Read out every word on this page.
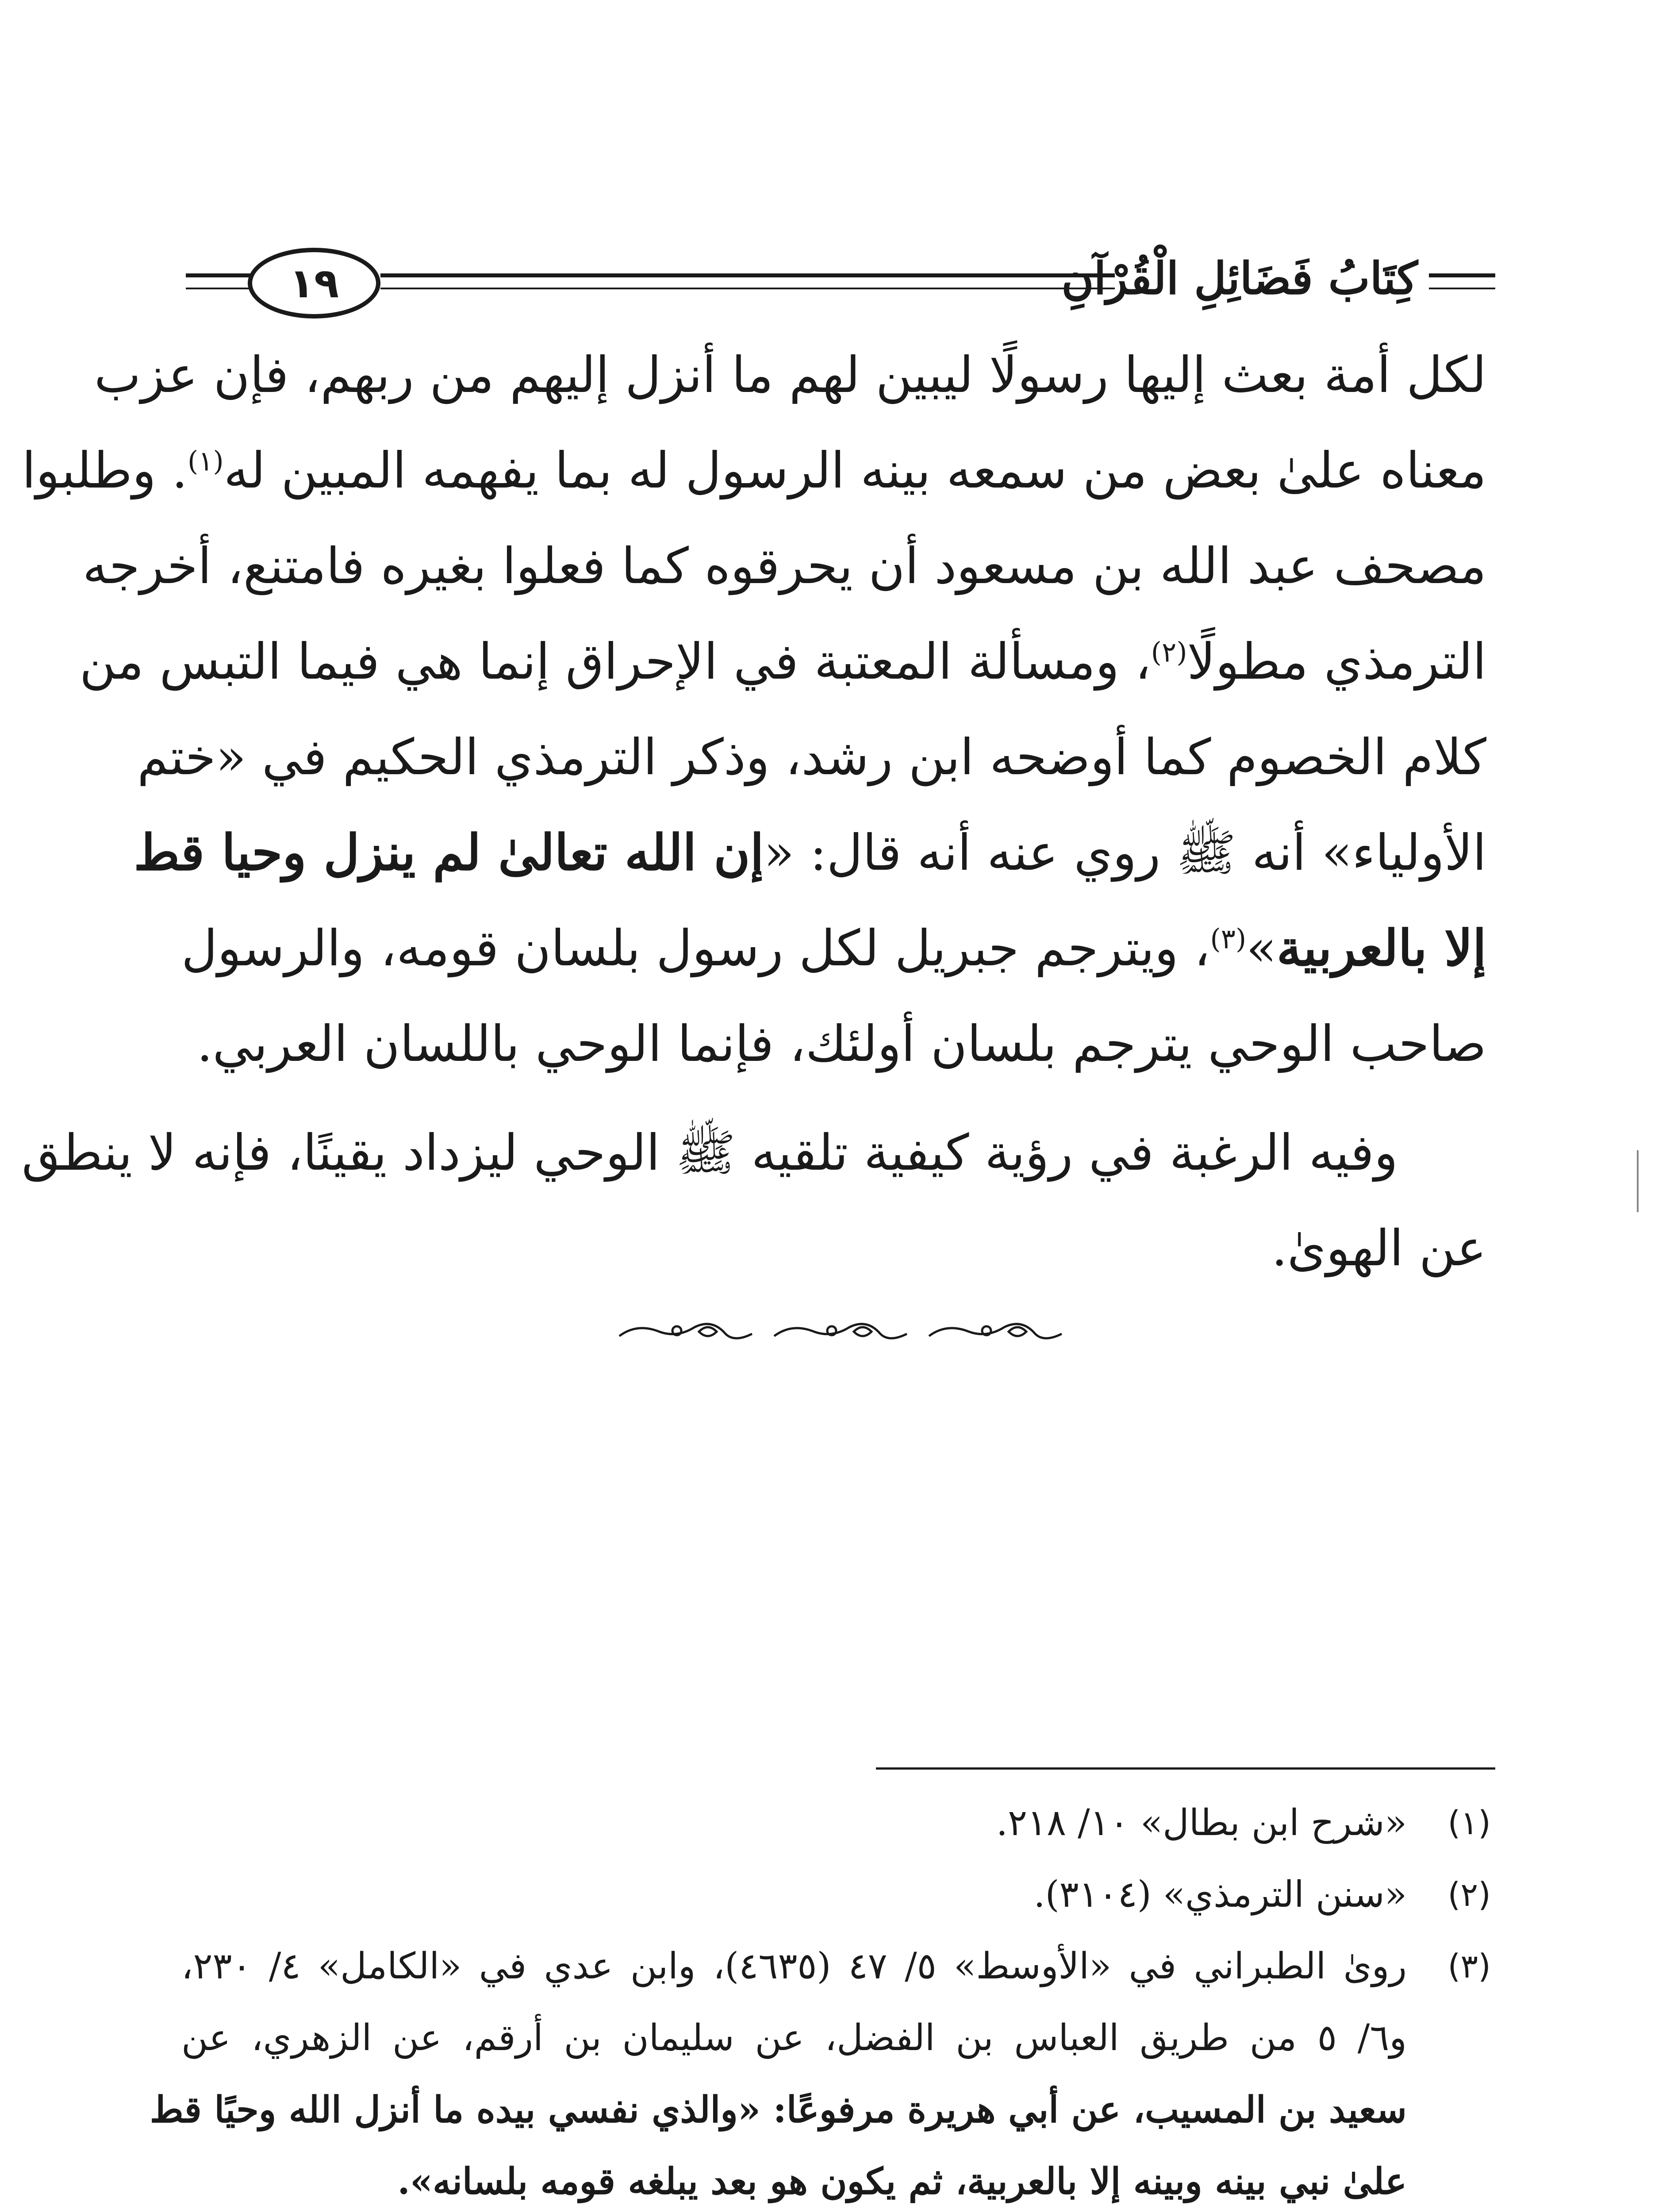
١٩	كِتَابُ فَضَائِلِ الْقُرْآنِ
لكل أمة بعث إليها رسولًا ليبين لهم ما أنزل إليهم من ربهم، فإن عزب
معناه علىٰ بعض من سمعه بينه الرسول له بما يفهمه المبين له$^{(١)}$. وطلبوا
مصحف عبد الله بن مسعود أن يحرقوه كما فعلوا بغيره فامتنع، أخرجه
الترمذي مطولًا$^{(٢)}$، ومسألة المعتبة في الإحراق إنما هي فيما التبس من
كلام الخصوم كما أوضحه ابن رشد، وذكر الترمذي الحكيم في «ختم
الأولياء» أنه ﷺ روي عنه أنه قال: «إن الله تعالىٰ لم ينزل وحيا قط
إلا بالعربية»$^{(٣)}$، ويترجم جبريل لكل رسول بلسان قومه، والرسول
صاحب الوحي يترجم بلسان أولئك، فإنما الوحي باللسان العربي.
وفيه الرغبة في رؤية كيفية تلقيه ﷺ الوحي ليزداد يقينًا، فإنه لا ينطق
عن الهوىٰ.
(١)
«شرح ابن بطال» ١٠/ ٢١٨.
(٢)
«سنن الترمذي» (٣١٠٤).
(٣)
روىٰ الطبراني في «الأوسط» ٥/ ٤٧ (٤٦٣٥)، وابن عدي في «الكامل» ٤/ ٢٣٠،
و٦/ ٥ من طريق العباس بن الفضل، عن سليمان بن أرقم، عن الزهري، عن
سعيد بن المسيب، عن أبي هريرة مرفوعًا: «والذي نفسي بيده ما أنزل الله وحيًا قط
علىٰ نبي بينه وبينه إلا بالعربية، ثم يكون هو بعد يبلغه قومه بلسانه».
